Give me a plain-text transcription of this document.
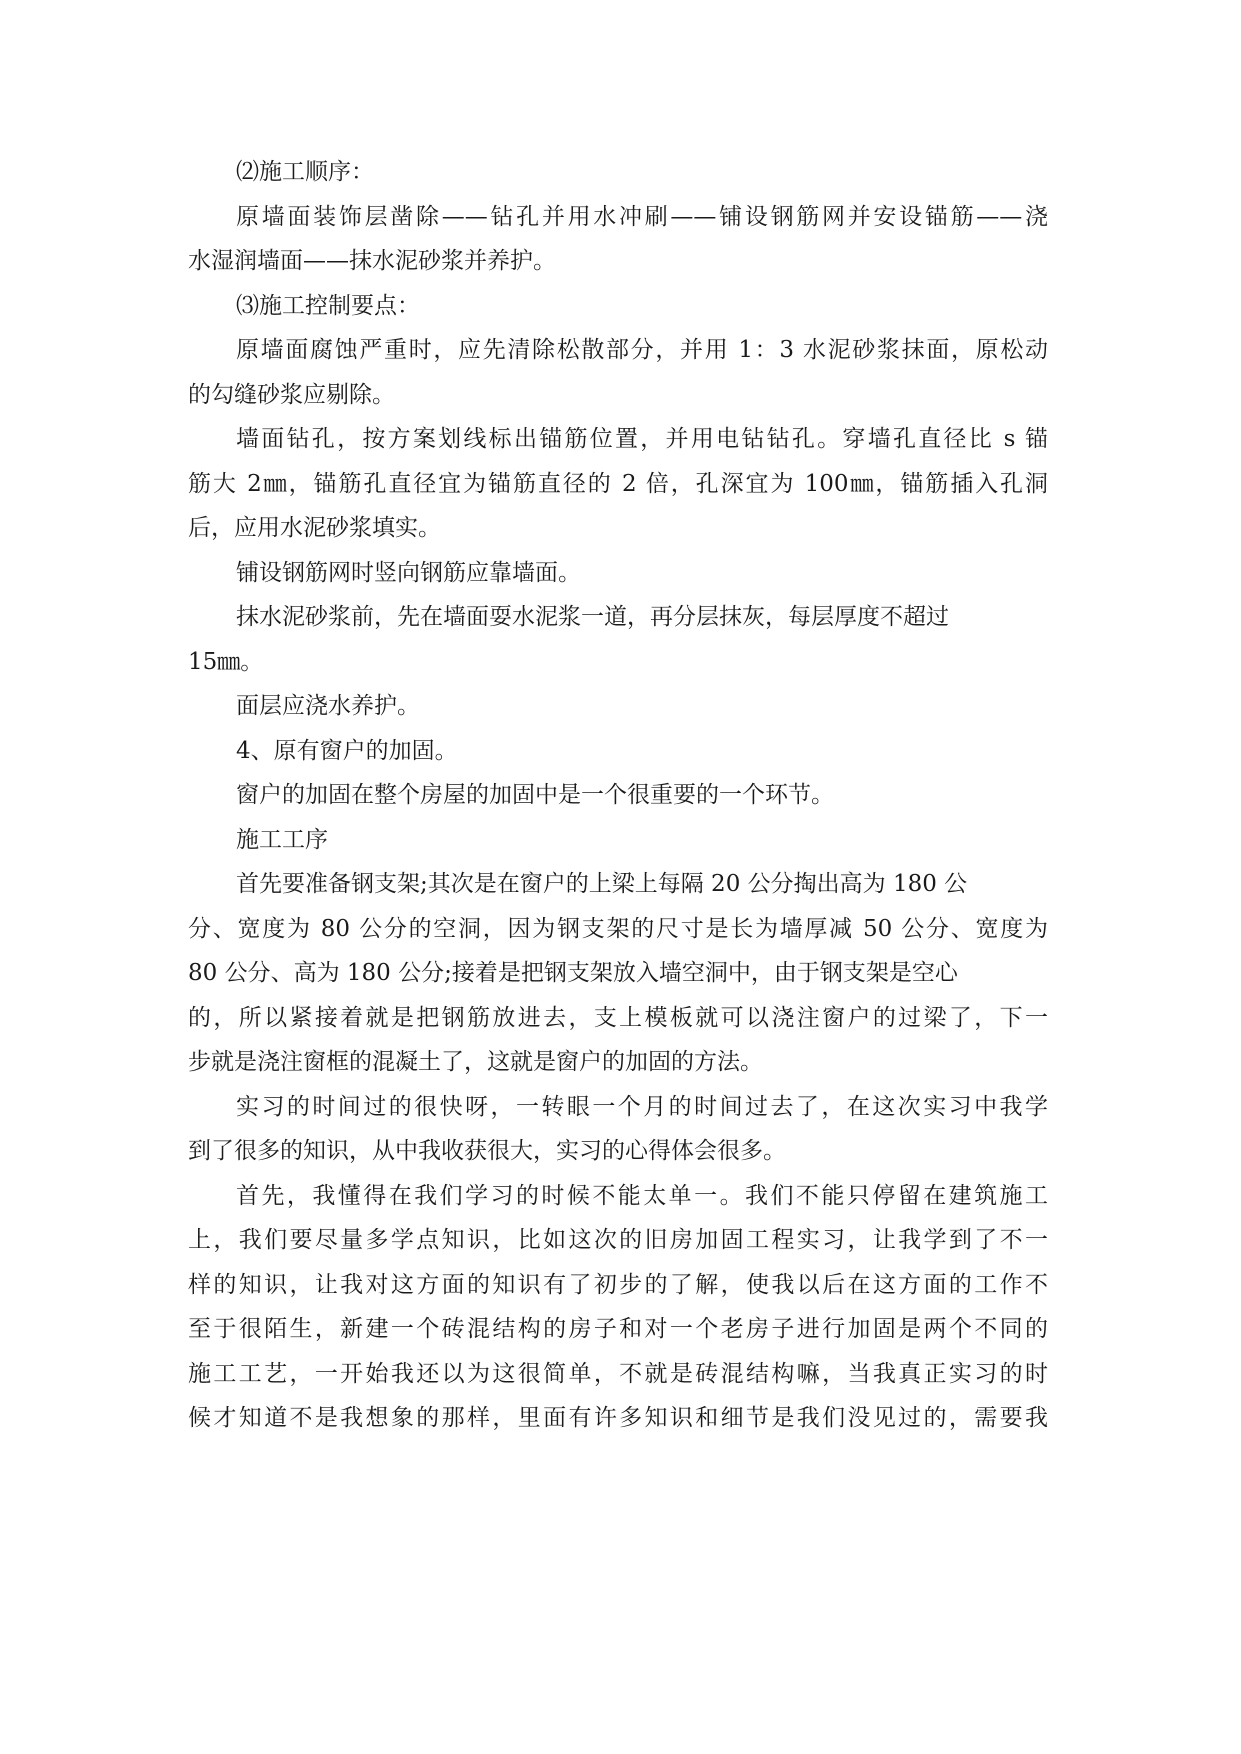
⑵施工顺序：
原墙面装饰层凿除——钻孔并用水冲刷——铺设钢筋网并安设锚筋——浇
水湿润墙面——抹水泥砂浆并养护。
⑶施工控制要点：
原墙面腐蚀严重时，应先清除松散部分，并用 1：3 水泥砂浆抹面，原松动
的勾缝砂浆应剔除。
墙面钻孔，按方案划线标出锚筋位置，并用电钻钻孔。穿墙孔直径比 s 锚
筋大 2㎜，锚筋孔直径宜为锚筋直径的 2 倍，孔深宜为 100㎜，锚筋插入孔洞
后，应用水泥砂浆填实。
铺设钢筋网时竖向钢筋应靠墙面。
抹水泥砂浆前，先在墙面耍水泥浆一道，再分层抹灰，每层厚度不超过
15㎜。
面层应浇水养护。
4、原有窗户的加固。
窗户的加固在整个房屋的加固中是一个很重要的一个环节。
施工工序
首先要准备钢支架;其次是在窗户的上梁上每隔 20 公分掏出高为 180 公
分、宽度为 80 公分的空洞，因为钢支架的尺寸是长为墙厚减 50 公分、宽度为
80 公分、高为 180 公分;接着是把钢支架放入墙空洞中，由于钢支架是空心
的，所以紧接着就是把钢筋放进去，支上模板就可以浇注窗户的过梁了，下一
步就是浇注窗框的混凝土了，这就是窗户的加固的方法。
实习的时间过的很快呀，一转眼一个月的时间过去了，在这次实习中我学
到了很多的知识，从中我收获很大，实习的心得体会很多。
首先，我懂得在我们学习的时候不能太单一。我们不能只停留在建筑施工
上，我们要尽量多学点知识，比如这次的旧房加固工程实习，让我学到了不一
样的知识，让我对这方面的知识有了初步的了解，使我以后在这方面的工作不
至于很陌生，新建一个砖混结构的房子和对一个老房子进行加固是两个不同的
施工工艺，一开始我还以为这很简单，不就是砖混结构嘛，当我真正实习的时
候才知道不是我想象的那样，里面有许多知识和细节是我们没见过的，需要我
